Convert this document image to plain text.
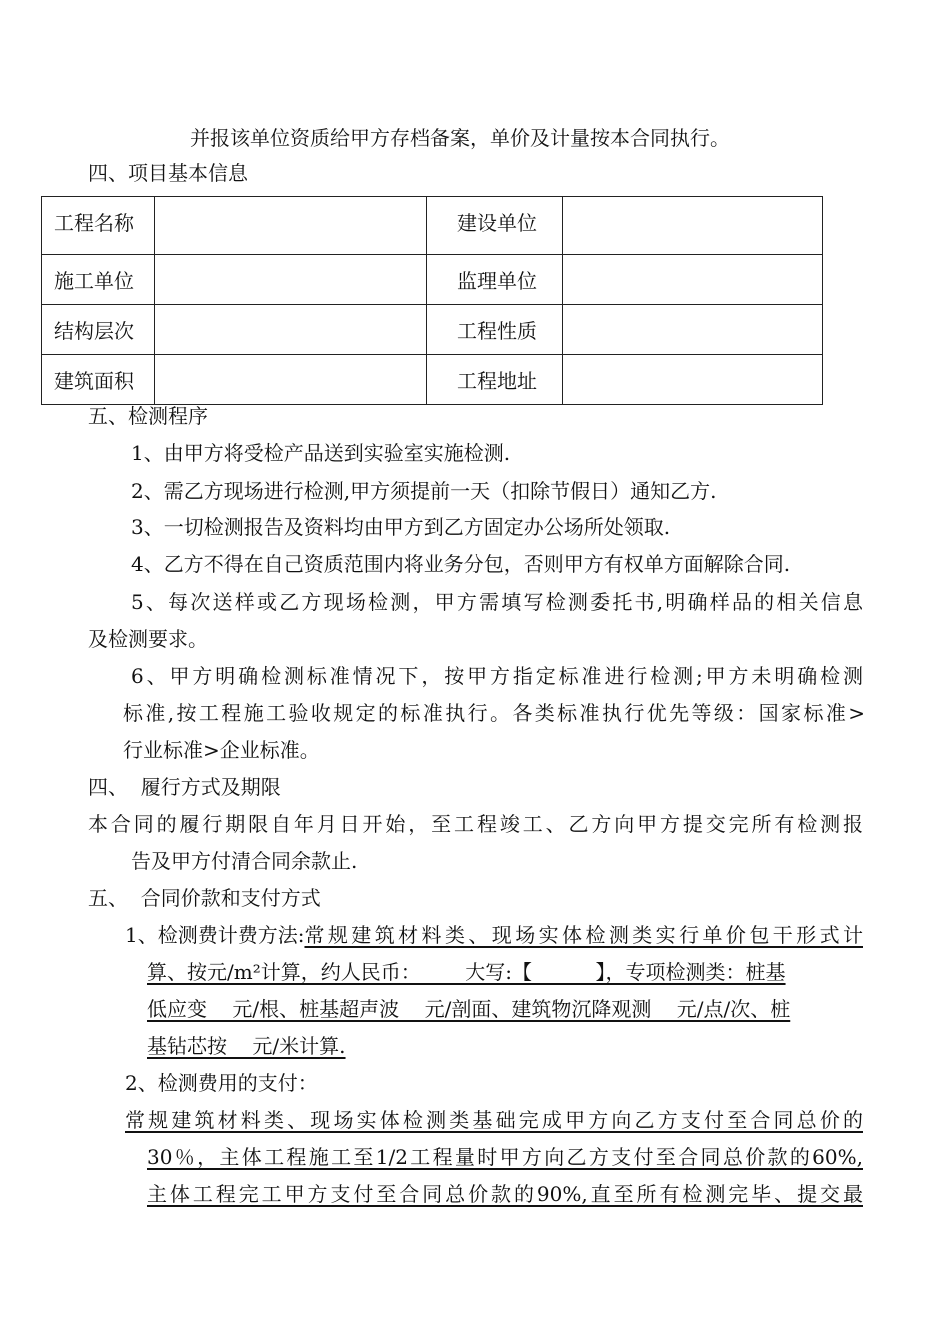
并报该单位资质给甲方存档备案，单价及计量按本合同执行。
四、项目基本信息
工程名称		建设单位	
施工单位		监理单位	
结构层次		工程性质	
建筑面积		工程地址	
五、检测程序
1、由甲方将受检产品送到实验室实施检测.
2、需乙方现场进行检测,甲方须提前一天（扣除节假日）通知乙方.
3、一切检测报告及资料均由甲方到乙方固定办公场所处领取.
4、乙方不得在自己资质范围内将业务分包，否则甲方有权单方面解除合同.
5、每次送样或乙方现场检测，甲方需填写检测委托书,明确样品的相关信息
及检测要求。
6、甲方明确检测标准情况下，按甲方指定标准进行检测;甲方未明确检测
标准,按工程施工验收规定的标准执行。各类标准执行优先等级：国家标准>
行业标准>企业标准。
四、  履行方式及期限
本合同的履行期限自年月日开始，至工程竣工、乙方向甲方提交完所有检测报
告及甲方付清合同余款止.
五、  合同价款和支付方式
1、检测费计费方法: 常规建筑材料类、现场实体检测类实行单价包干形式计
算、按元/m²计算，约人民币：       大写:【          】，专项检测类：桩基
低应变    元/根、桩基超声波    元/剖面、建筑物沉降观测    元/点/次、桩
基钻芯按    元/米计算.
2、检测费用的支付：
常规建筑材料类、现场实体检测类基础完成甲方向乙方支付至合同总价的
30％，主体工程施工至1/2工程量时甲方向乙方支付至合同总价款的60%,
主体工程完工甲方支付至合同总价款的90%,直至所有检测完毕、提交最
